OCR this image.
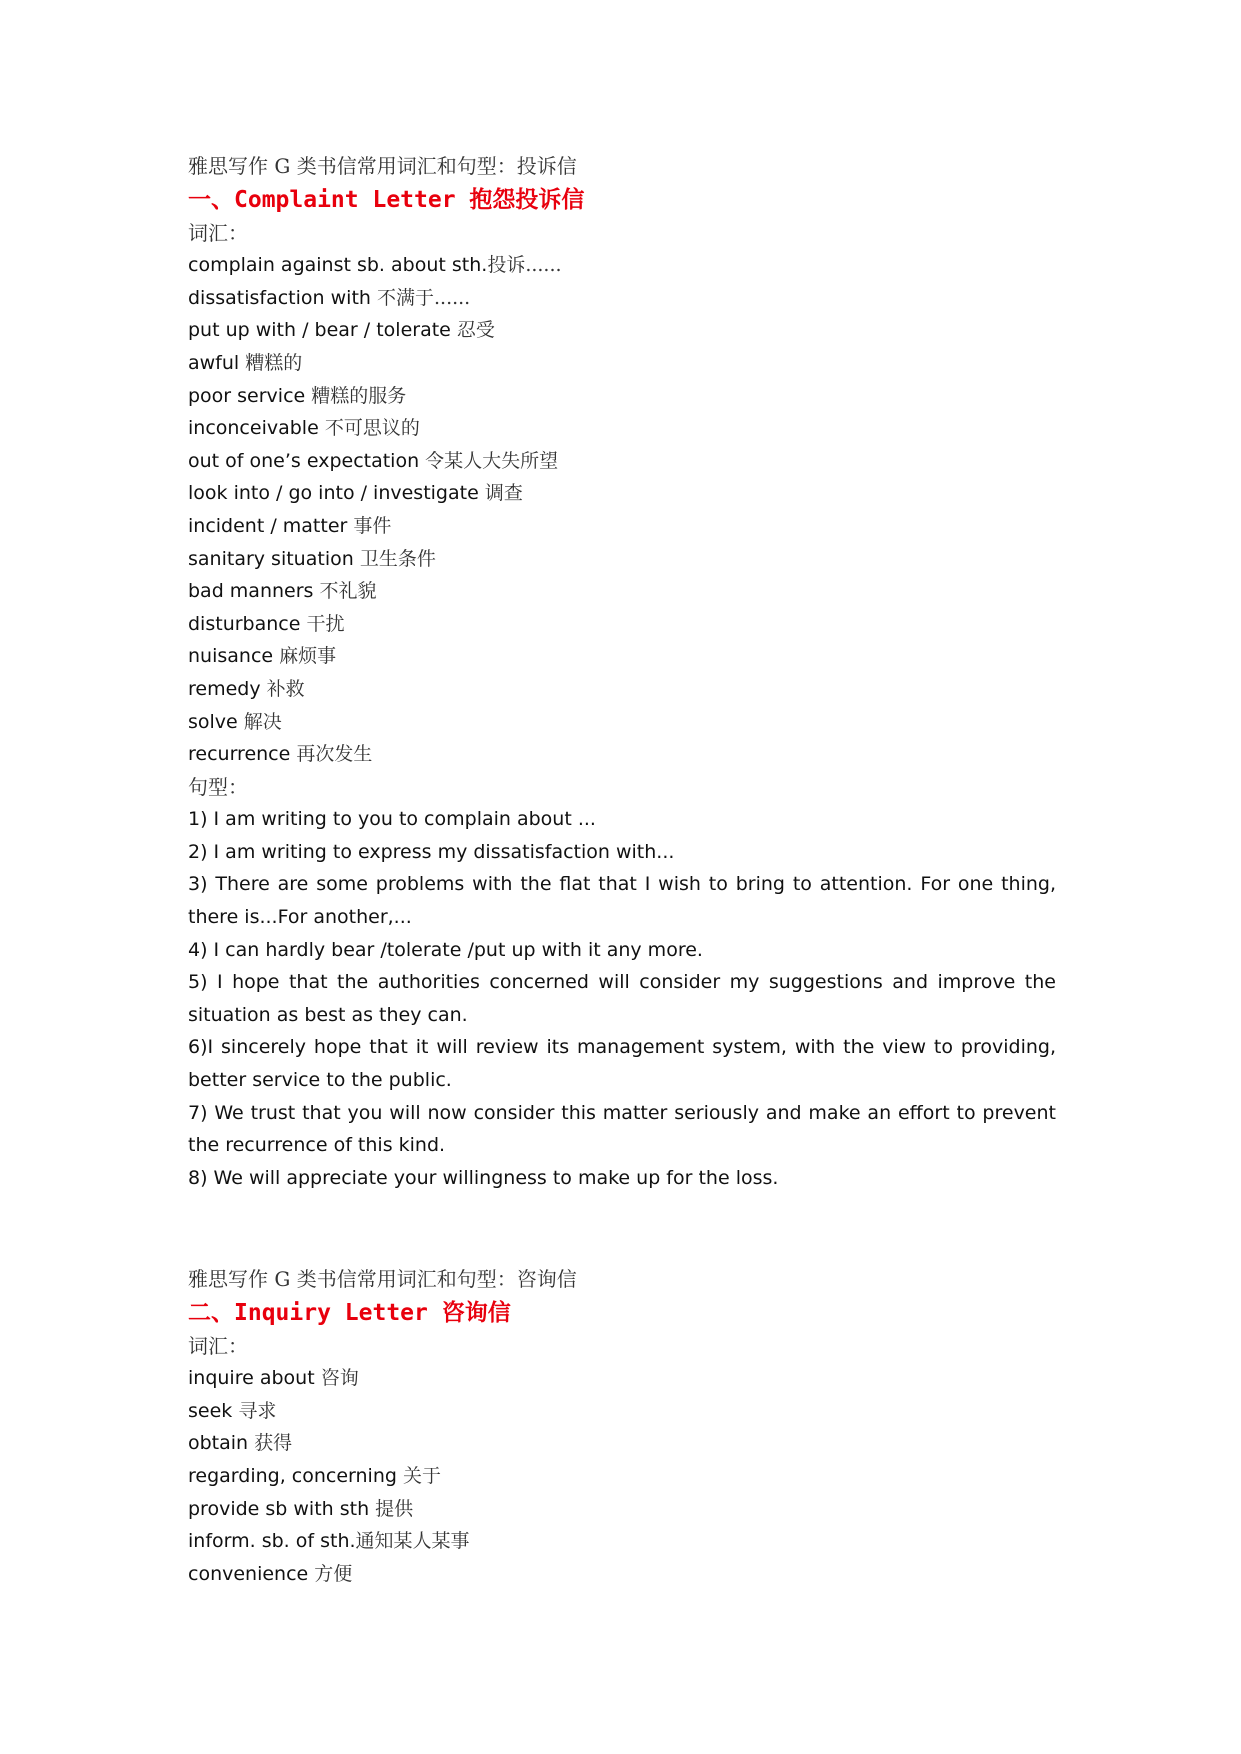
雅思写作 G 类书信常用词汇和句型：投诉信
一、Complaint Letter 抱怨投诉信
词汇：
complain against sb. about sth.投诉......
dissatisfaction with 不满于......
put up with / bear / tolerate 忍受
awful 糟糕的
poor service 糟糕的服务
inconceivable 不可思议的
out of one’s expectation 令某人大失所望
look into / go into / investigate 调查
incident / matter 事件
sanitary situation 卫生条件
bad manners 不礼貌
disturbance 干扰
nuisance 麻烦事
remedy 补救
solve 解决
recurrence 再次发生
句型：
1) I am writing to you to complain about ...
2) I am writing to express my dissatisfaction with...
3) There are some problems with the flat that I wish to bring to attention. For one thing, there is...For another,...
4) I can hardly bear /tolerate /put up with it any more.
5) I hope that the authorities concerned will consider my suggestions and improve the situation as best as they can.
6)I sincerely hope that it will review its management system, with the view to providing, better service to the public.
7) We trust that you will now consider this matter seriously and make an effort to prevent the recurrence of this kind.
8) We will appreciate your willingness to make up for the loss.
雅思写作 G 类书信常用词汇和句型：咨询信
二、Inquiry Letter 咨询信
词汇：
inquire about 咨询
seek 寻求
obtain 获得
regarding, concerning 关于
provide sb with sth 提供
inform. sb. of sth.通知某人某事
convenience 方便
